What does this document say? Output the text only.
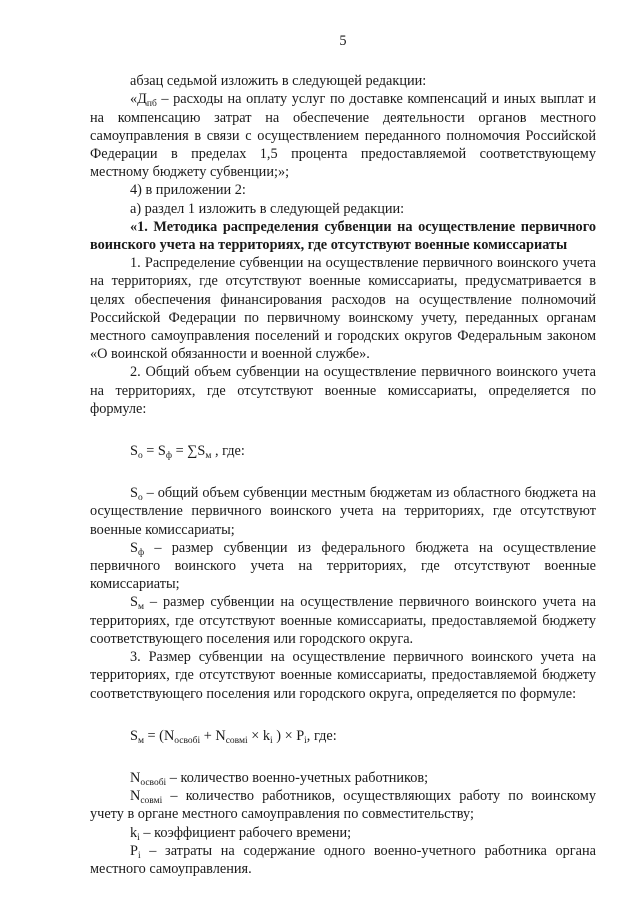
5

абзац седьмой изложить в следующей редакции:

«$Д_{пб}$ – расходы на оплату услуг по доставке компенсаций и иных выплат и на компенсацию затрат на обеспечение деятельности органов местного самоуправления в связи с осуществлением переданного полномочия Российской Федерации в пределах 1,5 процента предоставляемой соответствующему местному бюджету субвенции;»;

4) в приложении 2:

а) раздел 1 изложить в следующей редакции:

«1. Методика распределения субвенции на осуществление первичного воинского учета на территориях, где отсутствуют военные комиссариаты

1. Распределение субвенции на осуществление первичного воинского учета на территориях, где отсутствуют военные комиссариаты, предусматривается в целях обеспечения финансирования расходов на осуществление полномочий Российской Федерации по первичному воинскому учету, переданных органам местного самоуправления поселений и городских округов Федеральным законом «О воинской обязанности и военной службе».

2. Общий объем субвенции на осуществление первичного воинского учета на территориях, где отсутствуют военные комиссариаты, определяется по формуле:

$S_о = S_ф = \sum S_м$ , где:

$S_о$ – общий объем субвенции местным бюджетам из областного бюджета на осуществление первичного воинского учета на территориях, где отсутствуют военные комиссариаты;

$S_ф$ – размер субвенции из федерального бюджета на осуществление первичного воинского учета на территориях, где отсутствуют военные комиссариаты;

$S_м$ – размер субвенции на осуществление первичного воинского учета на территориях, где отсутствуют военные комиссариаты, предоставляемой бюджету соответствующего поселения или городского округа.

3. Размер субвенции на осуществление первичного воинского учета на территориях, где отсутствуют военные комиссариаты, предоставляемой бюджету соответствующего поселения или городского округа, определяется по формуле:

$S_м = (N_{освобi} + N_{совмi} \times k_i$ ) × $P_i$, где:

$N_{освобi}$ – количество военно-учетных работников;

$N_{совмi}$ – количество работников, осуществляющих работу по воинскому учету в органе местного самоуправления по совместительству;

$k_i$ – коэффициент рабочего времени;

$P_i$ – затраты на содержание одного военно-учетного работника органа местного самоуправления.
